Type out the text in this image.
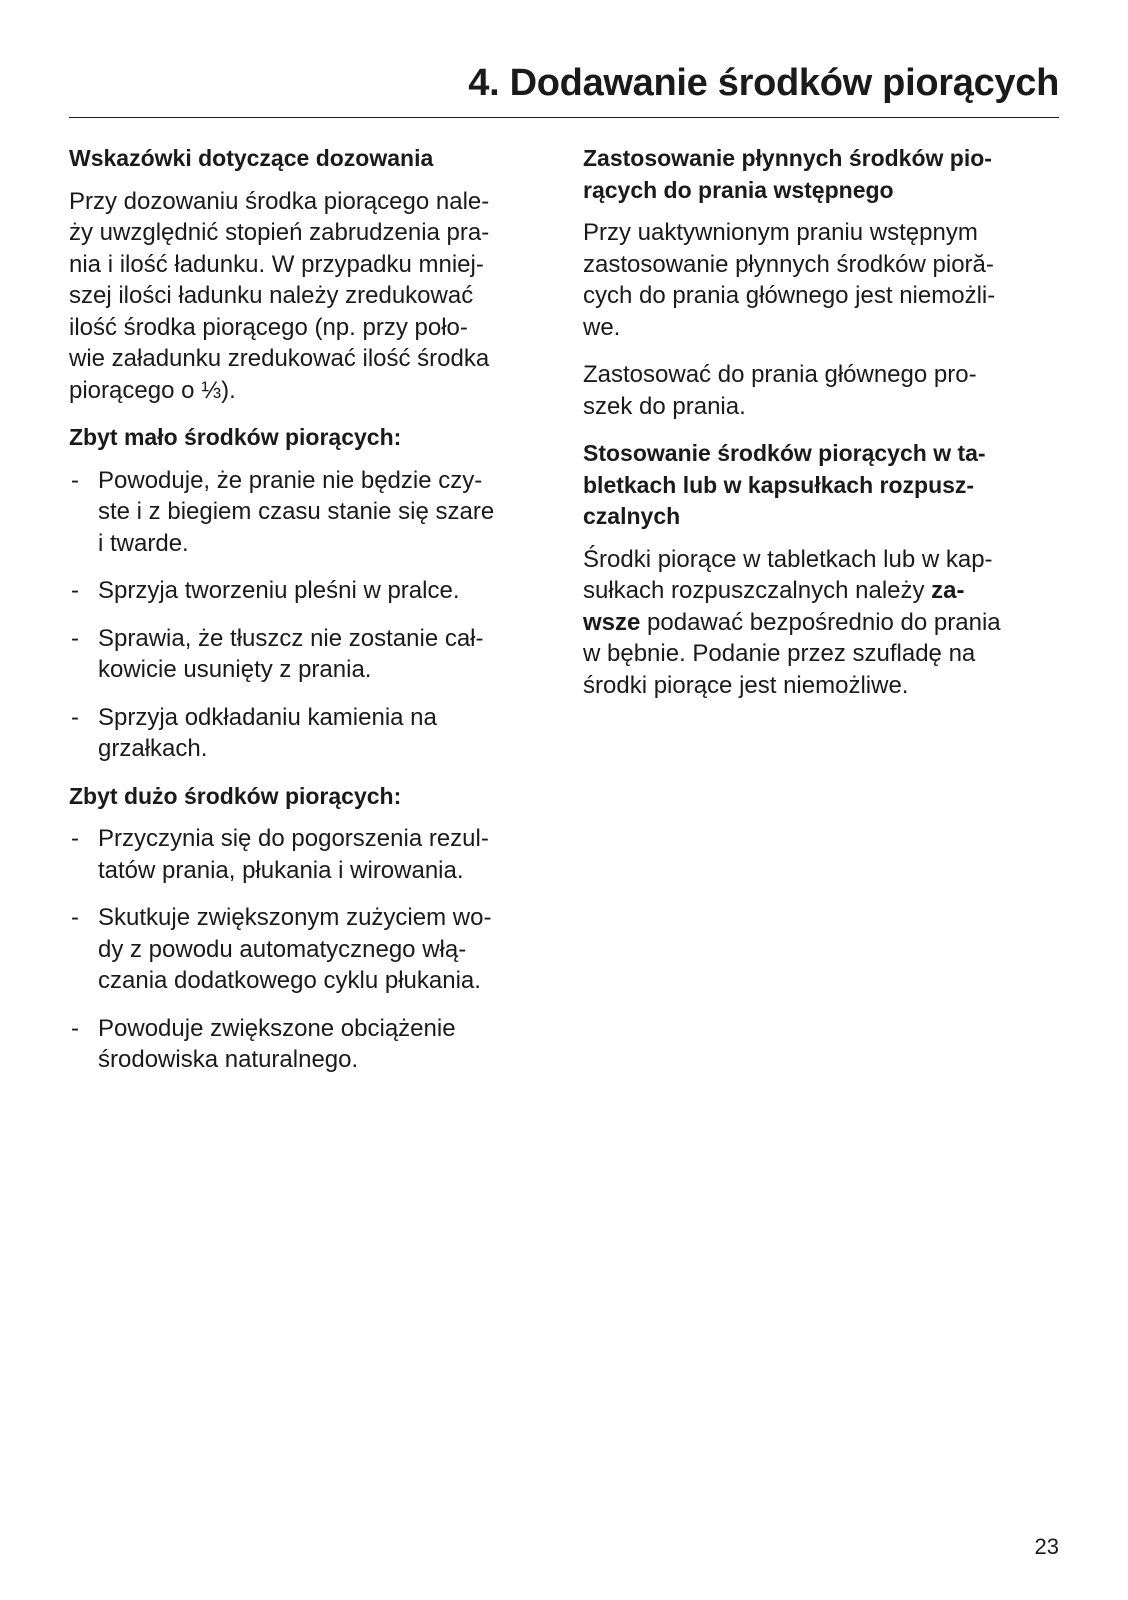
4. Dodawanie środków piorących
Wskazówki dotyczące dozowania
Przy dozowaniu środka piorącego nale-
ży uwzględnić stopień zabrudzenia pra-
nia i ilość ładunku. W przypadku mniej-
szej ilości ładunku należy zredukować
ilość środka piorącego (np. przy poło-
wie załadunku zredukować ilość środka
piorącego o ⅓).
Zbyt mało środków piorących:
- Powoduje, że pranie nie będzie czy-
ste i z biegiem czasu stanie się szare
i twarde.
- Sprzyja tworzeniu pleśni w pralce.
- Sprawia, że tłuszcz nie zostanie cał-
kowicie usunięty z prania.
- Sprzyja odkładaniu kamienia na
grzałkach.
Zbyt dużo środków piorących:
- Przyczynia się do pogorszenia rezul-
tatów prania, płukania i wirowania.
- Skutkuje zwiększonym zużyciem wo-
dy z powodu automatycznego włą-
czania dodatkowego cyklu płukania.
- Powoduje zwiększone obciążenie
środowiska naturalnego.
Zastosowanie płynnych środków pio-
rących do prania wstępnego
Przy uaktywnionym praniu wstępnym
zastosowanie płynnych środków pioră-
cych do prania głównego jest niemożli-
we.
Zastosować do prania głównego pro-
szek do prania.
Stosowanie środków piorących w ta-
bletkach lub w kapsułkach rozpusz-
czalnych
Środki piorące w tabletkach lub w kap-
sułkach rozpuszczalnych należy za-
wsze podawać bezpośrednio do prania
w bębnie. Podanie przez szufladę na
środki piorące jest niemożliwe.
23
